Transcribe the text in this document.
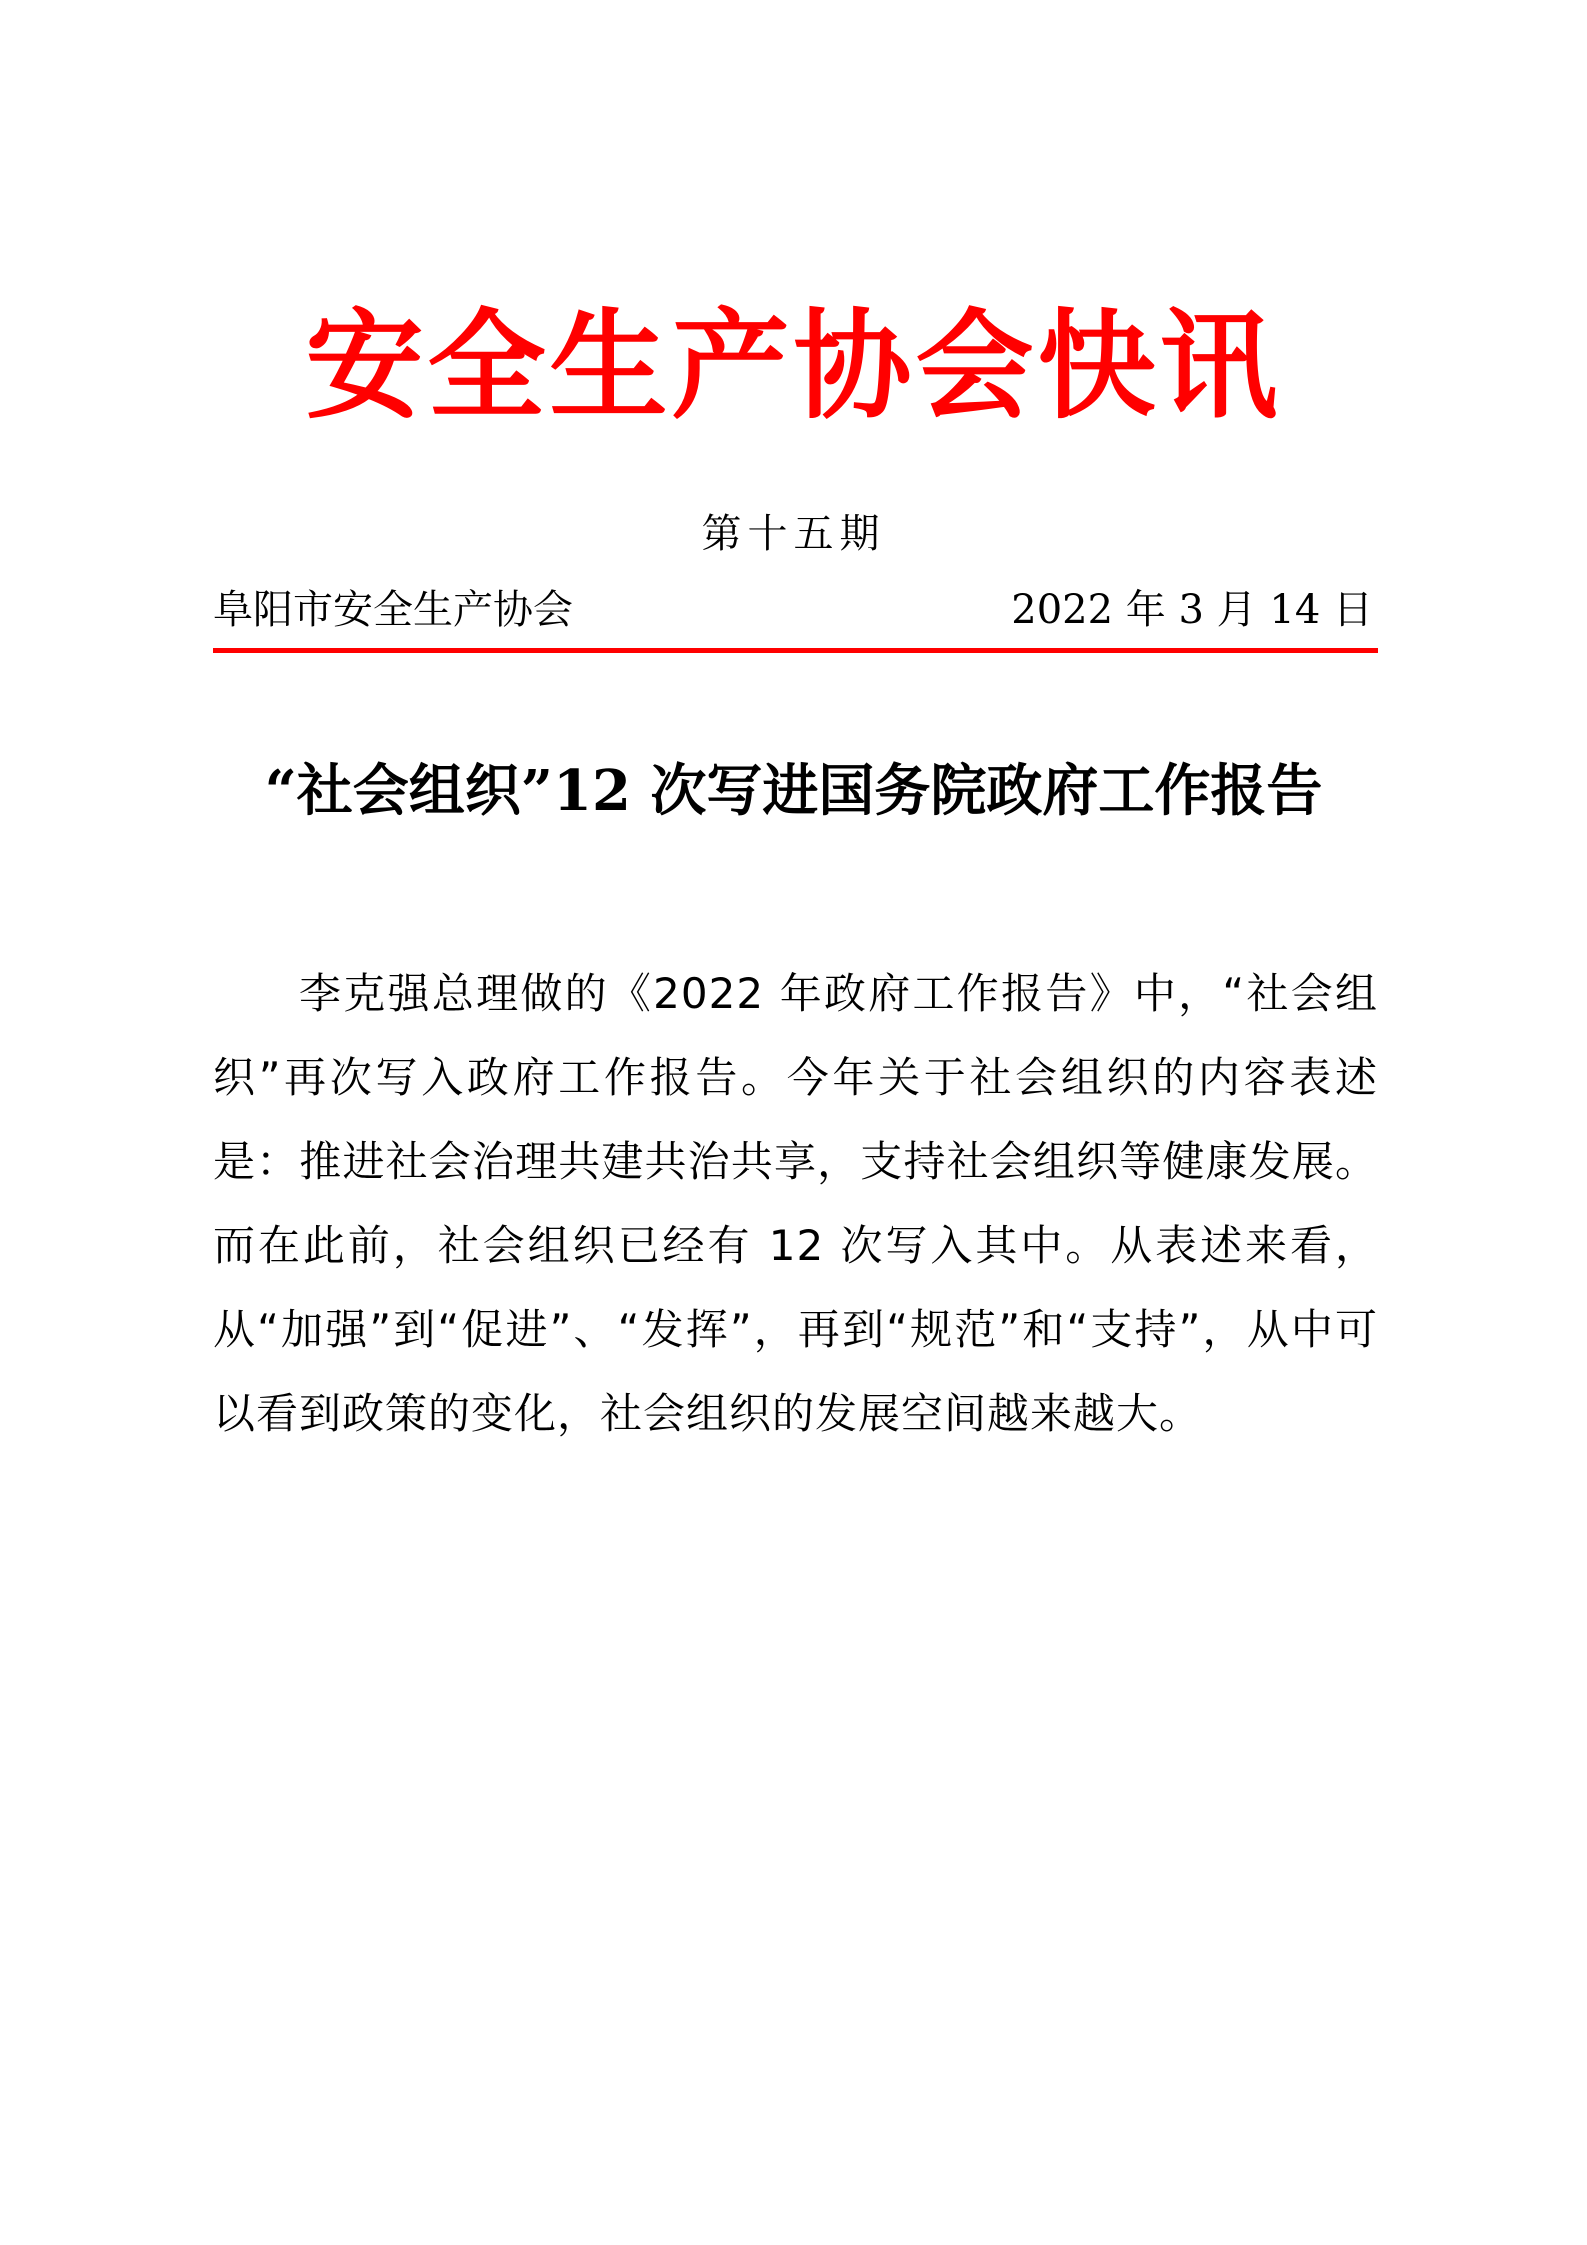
安全生产协会快讯
第十五期
阜阳市安全生产协会	2022 年 3 月 14 日
“社会组织”12 次写进国务院政府工作报告

李克强总理做的《2022 年政府工作报告》中，“社会组织”再次写入政府工作报告。今年关于社会组织的内容表述是：推进社会治理共建共治共享，支持社会组织等健康发展。而在此前，社会组织已经有 12 次写入其中。从表述来看，从“加强”到“促进”、“发挥”，再到“规范”和“支持”，从中可以看到政策的变化，社会组织的发展空间越来越大。
